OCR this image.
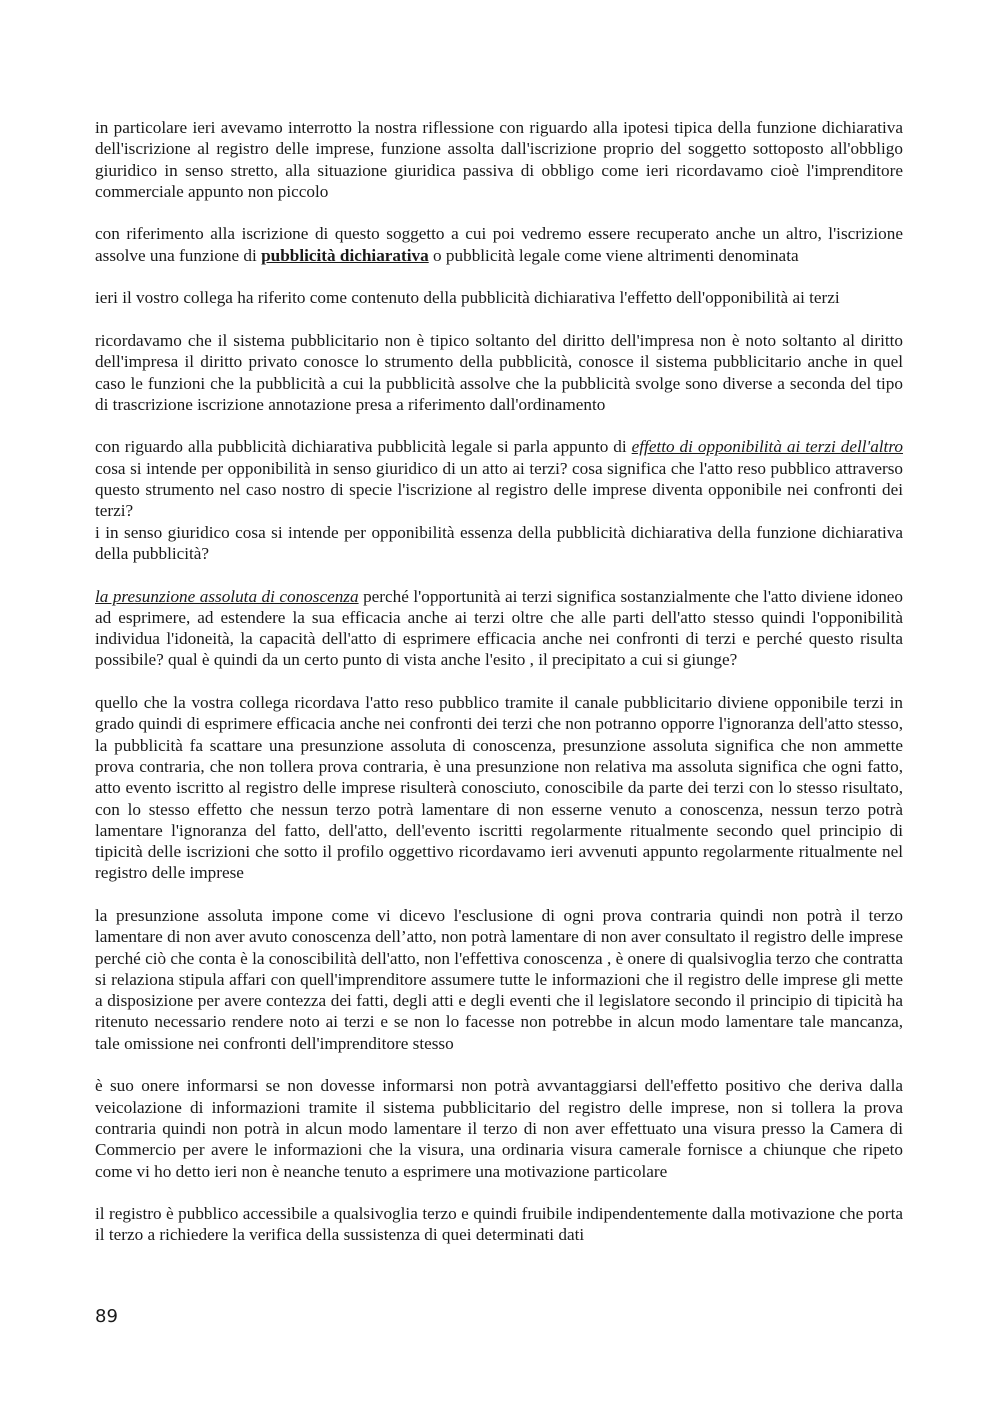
in particolare ieri avevamo interrotto la nostra riflessione con riguardo alla ipotesi tipica della funzione dichiarativa dell'iscrizione al registro delle imprese, funzione assolta dall'iscrizione proprio del soggetto sottoposto all'obbligo giuridico in senso stretto, alla situazione giuridica passiva di obbligo come ieri ricordavamo cioè l'imprenditore commerciale appunto non piccolo

con riferimento alla iscrizione di questo soggetto a cui poi vedremo essere recuperato anche un altro, l'iscrizione assolve una funzione di pubblicità dichiarativa o pubblicità legale come viene altrimenti denominata

ieri il vostro collega ha riferito come contenuto della pubblicità dichiarativa l'effetto dell'opponibilità ai terzi

ricordavamo che il sistema pubblicitario non è tipico soltanto del diritto dell'impresa non è noto soltanto al diritto dell'impresa il diritto privato conosce lo strumento della pubblicità, conosce il sistema pubblicitario anche in quel caso le funzioni che la pubblicità a cui la pubblicità assolve che la pubblicità svolge sono diverse a seconda del tipo di trascrizione iscrizione annotazione presa a riferimento dall'ordinamento

con riguardo alla pubblicità dichiarativa pubblicità legale si parla appunto di effetto di opponibilità ai terzi dell'altro cosa si intende per opponibilità in senso giuridico di un atto ai terzi? cosa significa che l'atto reso pubblico attraverso questo strumento nel caso nostro di specie l'iscrizione al registro delle imprese diventa opponibile nei confronti dei terzi?

i in senso giuridico cosa si intende per opponibilità essenza della pubblicità dichiarativa della funzione dichiarativa della pubblicità?

la presunzione assoluta di conoscenza perché l'opportunità ai terzi significa sostanzialmente che l'atto diviene idoneo ad esprimere, ad estendere la sua efficacia anche ai terzi oltre che alle parti dell'atto stesso quindi l'opponibilità individua l'idoneità, la capacità dell'atto di esprimere efficacia anche nei confronti di terzi e perché questo risulta possibile? qual è quindi da un certo punto di vista anche l'esito , il precipitato a cui si giunge?

quello che la vostra collega ricordava l'atto reso pubblico tramite il canale pubblicitario diviene opponibile terzi in grado quindi di esprimere efficacia anche nei confronti dei terzi che non potranno opporre l'ignoranza dell'atto stesso, la pubblicità fa scattare una presunzione assoluta di conoscenza, presunzione assoluta significa che non ammette prova contraria, che non tollera prova contraria, è una presunzione non relativa ma assoluta significa che ogni fatto, atto evento iscritto al registro delle imprese risulterà conosciuto, conoscibile da parte dei terzi con lo stesso risultato, con lo stesso effetto che nessun terzo potrà lamentare di non esserne venuto a conoscenza, nessun terzo potrà lamentare l'ignoranza del fatto, dell'atto, dell'evento iscritti regolarmente ritualmente secondo quel principio di tipicità delle iscrizioni che sotto il profilo oggettivo ricordavamo ieri avvenuti appunto regolarmente ritualmente nel registro delle imprese

la presunzione assoluta impone come vi dicevo l'esclusione di ogni prova contraria quindi non potrà il terzo lamentare di non aver avuto conoscenza dell’atto, non potrà lamentare di non aver consultato il registro delle imprese perché ciò che conta è la conoscibilità dell'atto, non l'effettiva conoscenza , è onere di qualsivoglia terzo che contratta si relaziona stipula affari con quell'imprenditore assumere tutte le informazioni che il registro delle imprese gli mette a disposizione per avere contezza dei fatti, degli atti e degli eventi che il legislatore secondo il principio di tipicità ha ritenuto necessario rendere noto ai terzi e se non lo facesse non potrebbe in alcun modo lamentare tale mancanza, tale omissione nei confronti dell'imprenditore stesso

è suo onere informarsi se non dovesse informarsi non potrà avvantaggiarsi dell'effetto positivo che deriva dalla veicolazione di informazioni tramite il sistema pubblicitario del registro delle imprese, non si tollera la prova contraria quindi non potrà in alcun modo lamentare il terzo di non aver effettuato una visura presso la Camera di Commercio per avere le informazioni che la visura, una ordinaria visura camerale fornisce a chiunque che ripeto come vi ho detto ieri non è neanche tenuto a esprimere una motivazione particolare

il registro è pubblico accessibile a qualsivoglia terzo e quindi fruibile indipendentemente dalla motivazione che porta il terzo a richiedere la verifica della sussistenza di quei determinati dati

89
